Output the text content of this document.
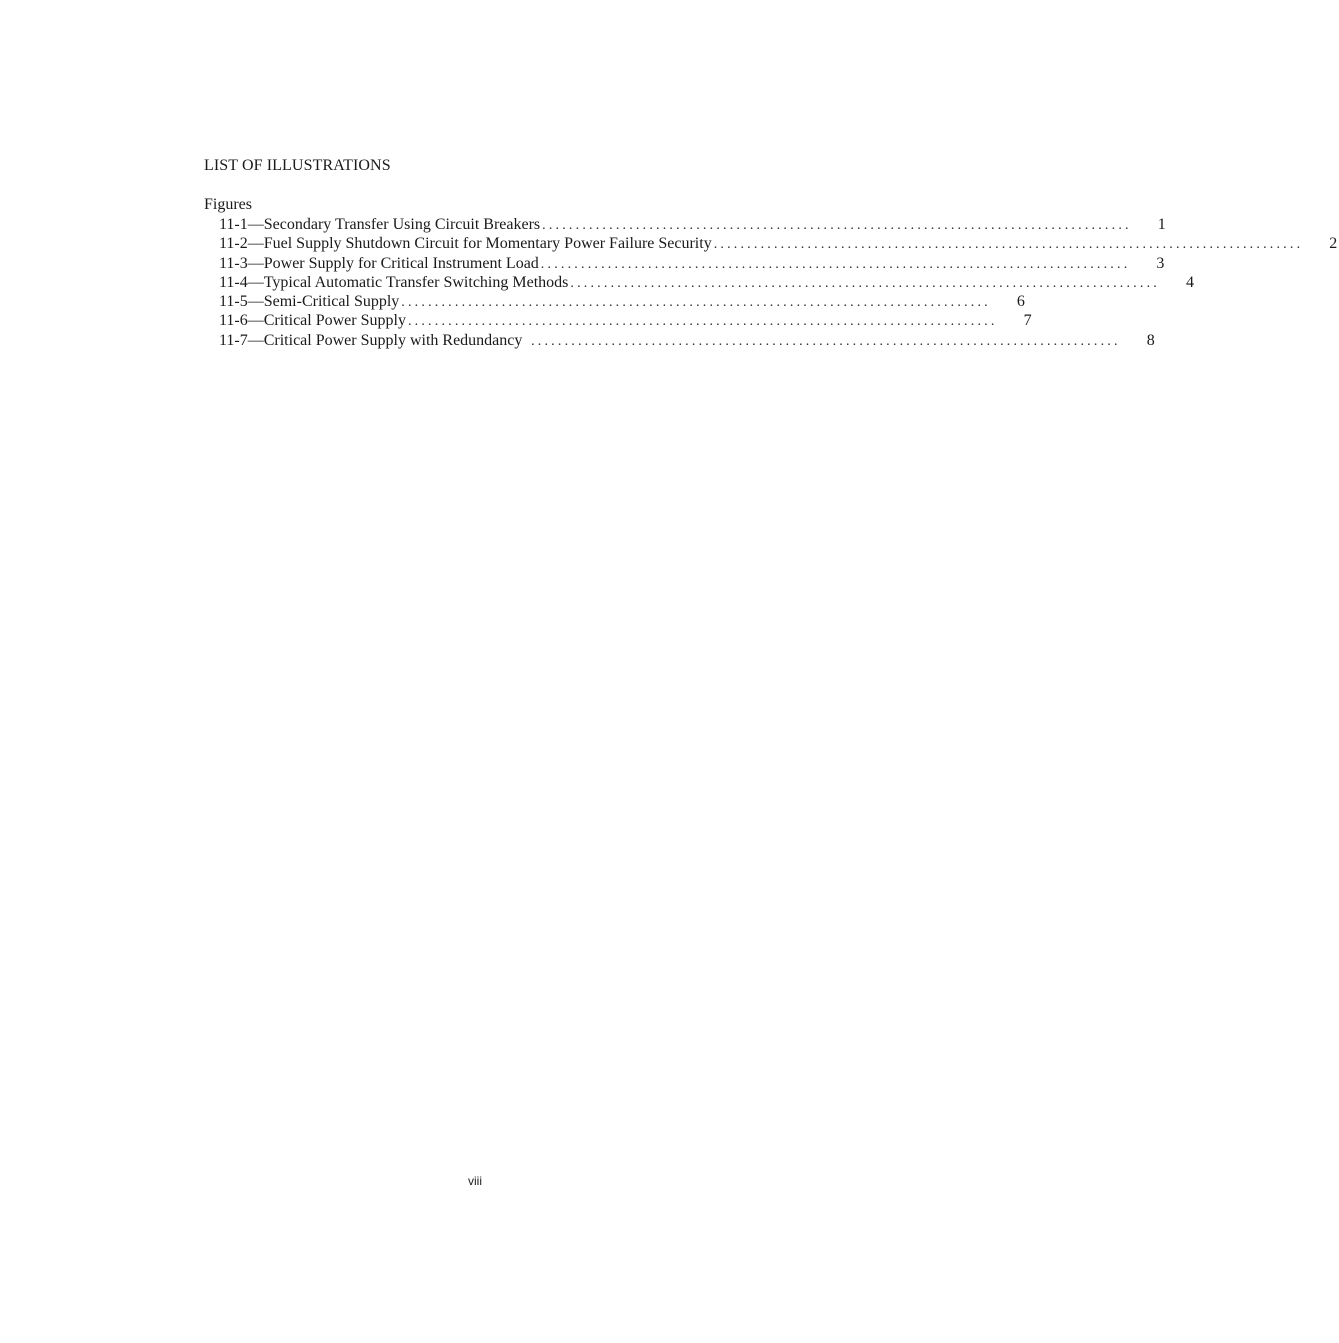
LIST OF ILLUSTRATIONS
Figures
11-1—Secondary Transfer Using Circuit Breakers ........................................................................................	1
11-2—Fuel Supply Shutdown Circuit for Momentary Power Failure Security ........................................................................................	2
11-3—Power Supply for Critical Instrument Load ........................................................................................	3
11-4—Typical Automatic Transfer Switching Methods ........................................................................................	4
11-5—Semi-Critical Supply ........................................................................................	6
11-6—Critical Power Supply ........................................................................................	7
11-7—Critical Power Supply with Redundancy ........................................................................................	8
viii
